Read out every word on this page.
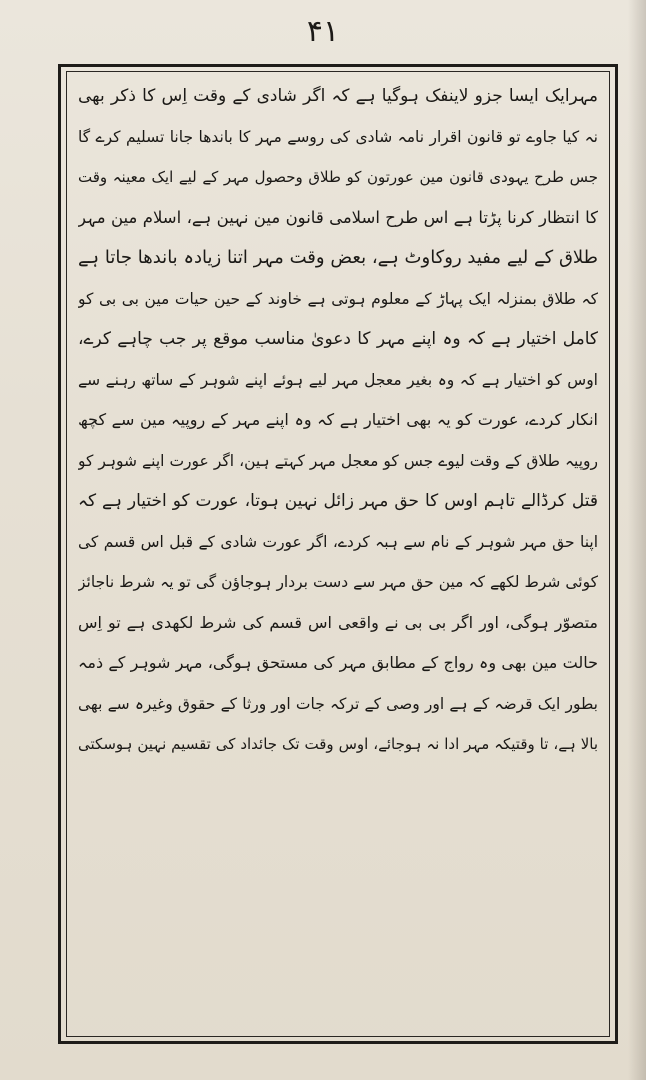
۴۱
مہرایک ایسا جزو لاینفک ہوگیا ہے کہ اگر شادی کے وقت اِس کا ذکر بھی
نہ کیا جاوے تو قانون اقرار نامہ شادی کی روسے مہر کا باندھا جانا تسلیم کرے گا
جس طرح یہودی قانون مین عورتون کو طلاق وحصول مہر کے لیے ایک معینہ وقت
کا انتظار کرنا پڑتا ہے اس طرح اسلامی قانون مین نہین ہے، اسلام مین مہر
طلاق کے لیے مفید روکاوٹ ہے، بعض وقت مہر اتنا زیادہ باندھا جاتا ہے
کہ طلاق بمنزلہ ایک پہاڑ کے معلوم ہوتی ہے خاوند کے حین حیات مین بی بی کو
کامل اختیار ہے کہ وہ اپنے مہر کا دعویٰ مناسب موقع پر جب چاہے کرے،
اوس کو اختیار ہے کہ وہ بغیر معجل مہر لیے ہوئے اپنے شوہر کے ساتھ رہنے سے
انکار کردے، عورت کو یہ بھی اختیار ہے کہ وہ اپنے مہر کے روپیہ مین سے کچھ
روپیہ طلاق کے وقت لیوے جس کو معجل مہر کہتے ہین، اگر عورت اپنے شوہر کو
قتل کرڈالے تاہم اوس کا حق مہر زائل نہین ہوتا، عورت کو اختیار ہے کہ
اپنا حق مہر شوہر کے نام سے ہبہ کردے، اگر عورت شادی کے قبل اس قسم کی
کوئی شرط لکھے کہ مین حق مہر سے دست بردار ہوجاؤن گی تو یہ شرط ناجائز
متصوّر ہوگی، اور اگر بی بی نے واقعی اس قسم کی شرط لکھدی ہے تو اِس
حالت مین بھی وہ رواج کے مطابق مہر کی مستحق ہوگی، مہر شوہر کے ذمہ
بطور ایک قرضہ کے ہے اور وصی کے ترکہ جات اور ورثا کے حقوق وغیرہ سے بھی
بالا ہے، تا وقتیکہ مہر ادا نہ ہوجائے، اوس وقت تک جائداد کی تقسیم نہین ہوسکتی
